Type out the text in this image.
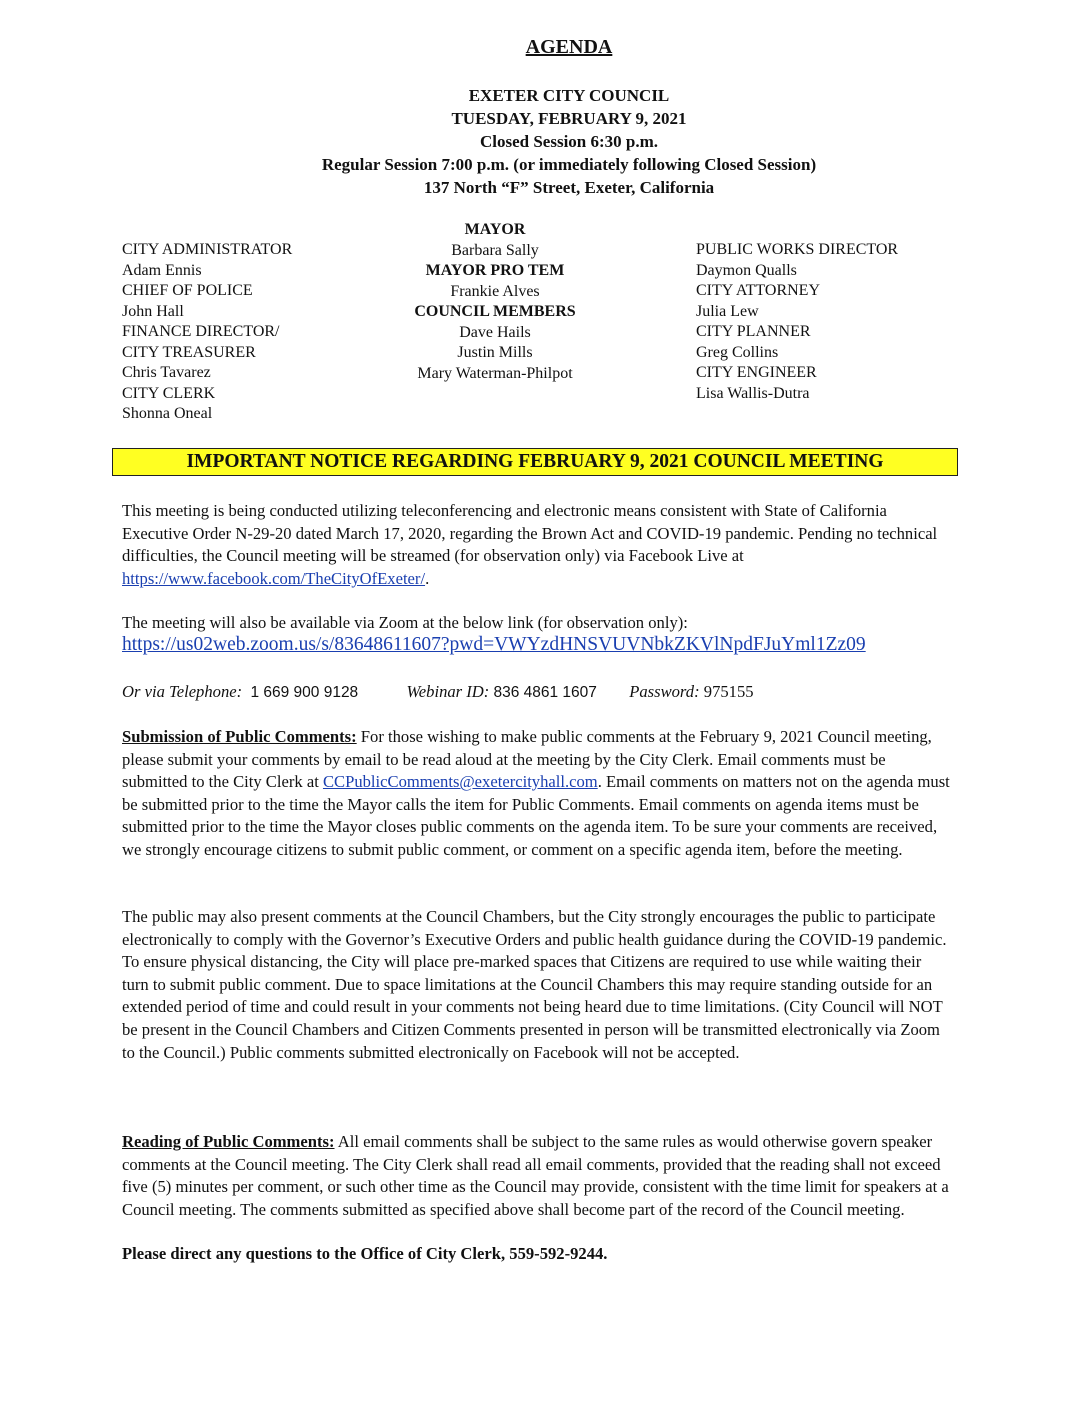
AGENDA
EXETER CITY COUNCIL
TUESDAY, FEBRUARY 9, 2021
Closed Session 6:30 p.m.
Regular Session 7:00 p.m. (or immediately following Closed Session)
137 North “F” Street, Exeter, California
CITY ADMINISTRATOR
Adam Ennis
CHIEF OF POLICE
John Hall
FINANCE DIRECTOR/
CITY TREASURER
Chris Tavarez
CITY CLERK
Shonna Oneal
MAYOR
Barbara Sally
MAYOR PRO TEM
Frankie Alves
COUNCIL MEMBERS
Dave Hails
Justin Mills
Mary Waterman-Philpot
PUBLIC WORKS DIRECTOR
Daymon Qualls
CITY ATTORNEY
Julia Lew
CITY PLANNER
Greg Collins
CITY ENGINEER
Lisa Wallis-Dutra
IMPORTANT NOTICE REGARDING FEBRUARY 9, 2021 COUNCIL MEETING
This meeting is being conducted utilizing teleconferencing and electronic means consistent with State of California Executive Order N-29-20 dated March 17, 2020, regarding the Brown Act and COVID-19 pandemic. Pending no technical difficulties, the Council meeting will be streamed (for observation only) via Facebook Live at https://www.facebook.com/TheCityOfExeter/.
The meeting will also be available via Zoom at the below link (for observation only):
https://us02web.zoom.us/s/83648611607?pwd=VWYzdHNSVUVNbkZKVlNpdFJuYml1Zz09
Or via Telephone: 1 669 900 9128	Webinar ID: 836 4861 1607 Password: 975155
Submission of Public Comments: For those wishing to make public comments at the February 9, 2021 Council meeting, please submit your comments by email to be read aloud at the meeting by the City Clerk. Email comments must be submitted to the City Clerk at CCPublicComments@exetercityhall.com. Email comments on matters not on the agenda must be submitted prior to the time the Mayor calls the item for Public Comments. Email comments on agenda items must be submitted prior to the time the Mayor closes public comments on the agenda item. To be sure your comments are received, we strongly encourage citizens to submit public comment, or comment on a specific agenda item, before the meeting.
The public may also present comments at the Council Chambers, but the City strongly encourages the public to participate electronically to comply with the Governor’s Executive Orders and public health guidance during the COVID-19 pandemic. To ensure physical distancing, the City will place pre-marked spaces that Citizens are required to use while waiting their turn to submit public comment. Due to space limitations at the Council Chambers this may require standing outside for an extended period of time and could result in your comments not being heard due to time limitations. (City Council will NOT be present in the Council Chambers and Citizen Comments presented in person will be transmitted electronically via Zoom to the Council.) Public comments submitted electronically on Facebook will not be accepted.
Reading of Public Comments: All email comments shall be subject to the same rules as would otherwise govern speaker comments at the Council meeting. The City Clerk shall read all email comments, provided that the reading shall not exceed five (5) minutes per comment, or such other time as the Council may provide, consistent with the time limit for speakers at a Council meeting. The comments submitted as specified above shall become part of the record of the Council meeting.
Please direct any questions to the Office of City Clerk, 559-592-9244.
